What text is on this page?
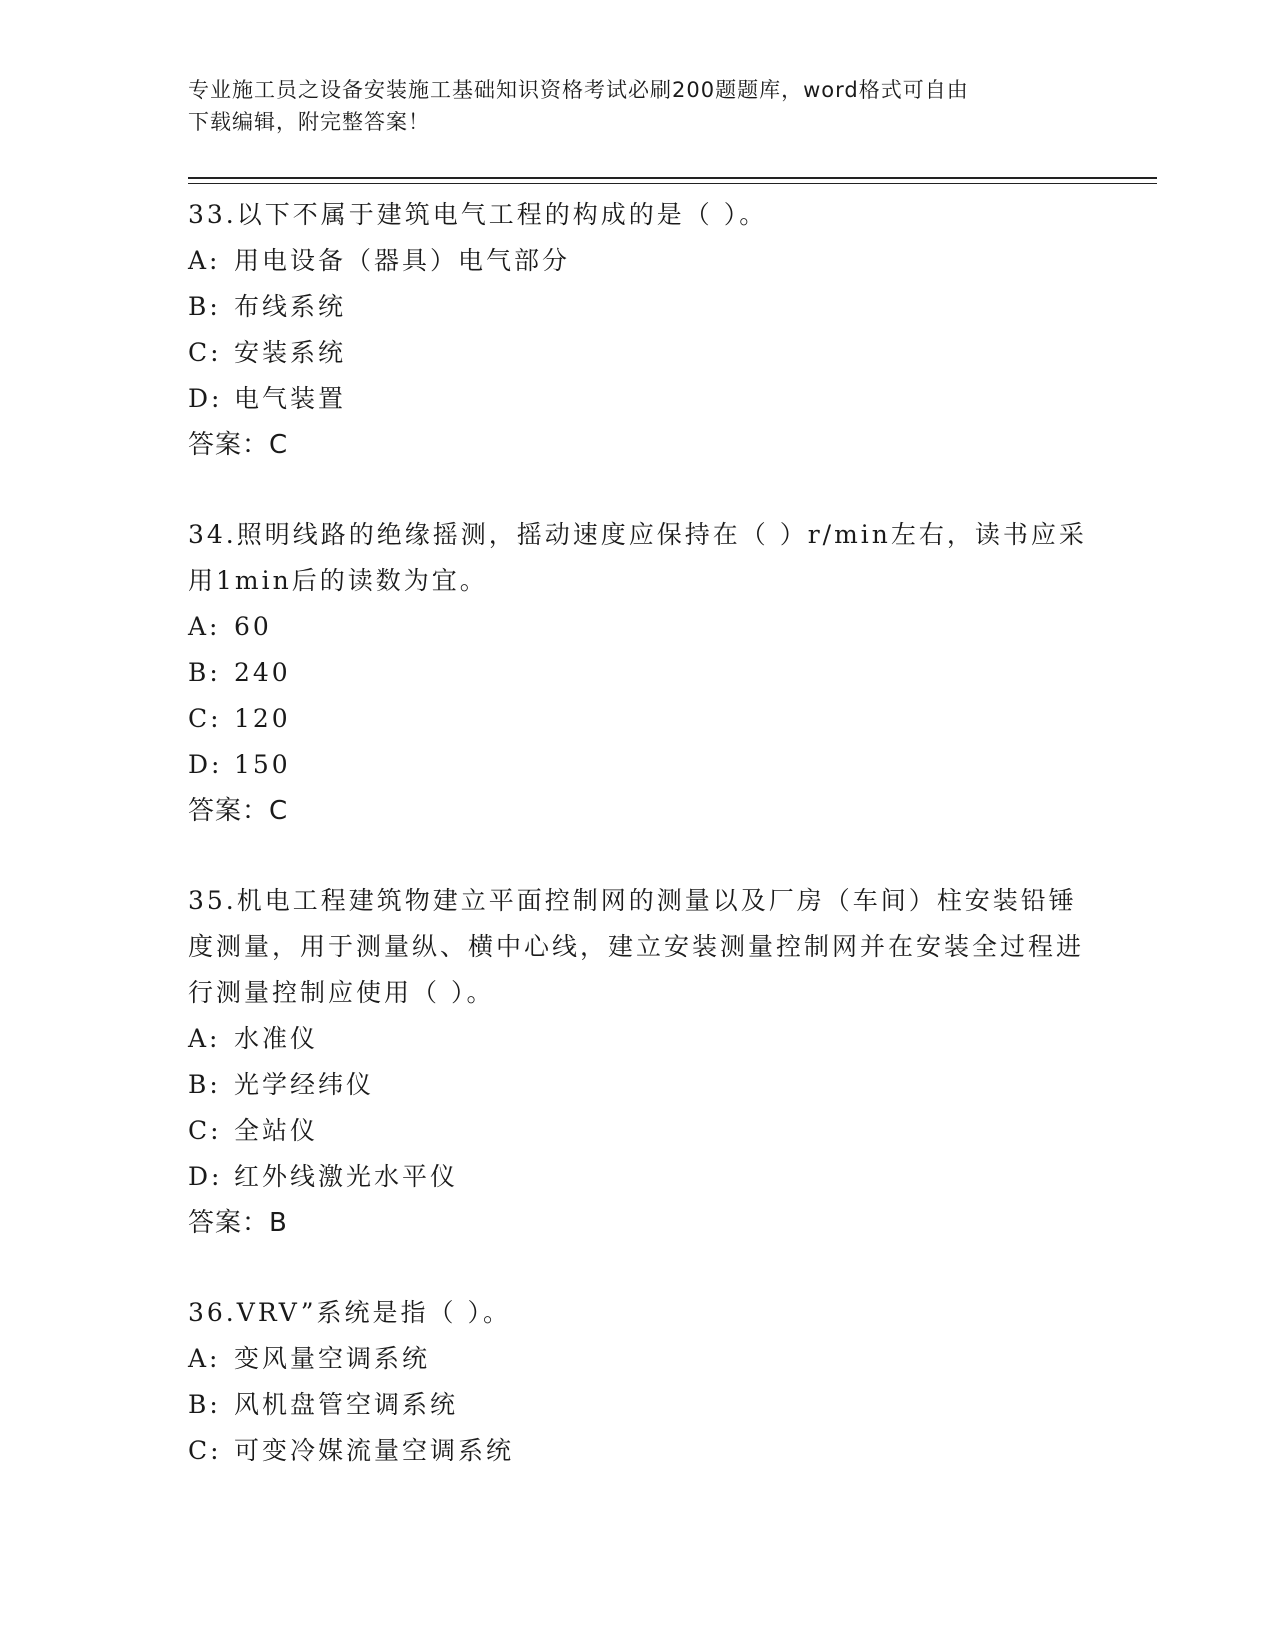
专业施工员之设备安装施工基础知识资格考试必刷200题题库，word格式可自由
下载编辑，附完整答案！
33.以下不属于建筑电气工程的构成的是（ ）。
A: 用电设备（器具）电气部分
B: 布线系统
C: 安装系统
D: 电气装置
答案：C
34.照明线路的绝缘摇测，摇动速度应保持在（ ）r/min左右，读书应采用1min后的读数为宜。
A: 60
B: 240
C: 120
D: 150
答案：C
35.机电工程建筑物建立平面控制网的测量以及厂房（车间）柱安装铅锤度测量，用于测量纵、横中心线，建立安装测量控制网并在安装全过程进行测量控制应使用（ ）。
A: 水准仪
B: 光学经纬仪
C: 全站仪
D: 红外线激光水平仪
答案：B
36.VRV”系统是指（ ）。
A: 变风量空调系统
B: 风机盘管空调系统
C: 可变冷媒流量空调系统
